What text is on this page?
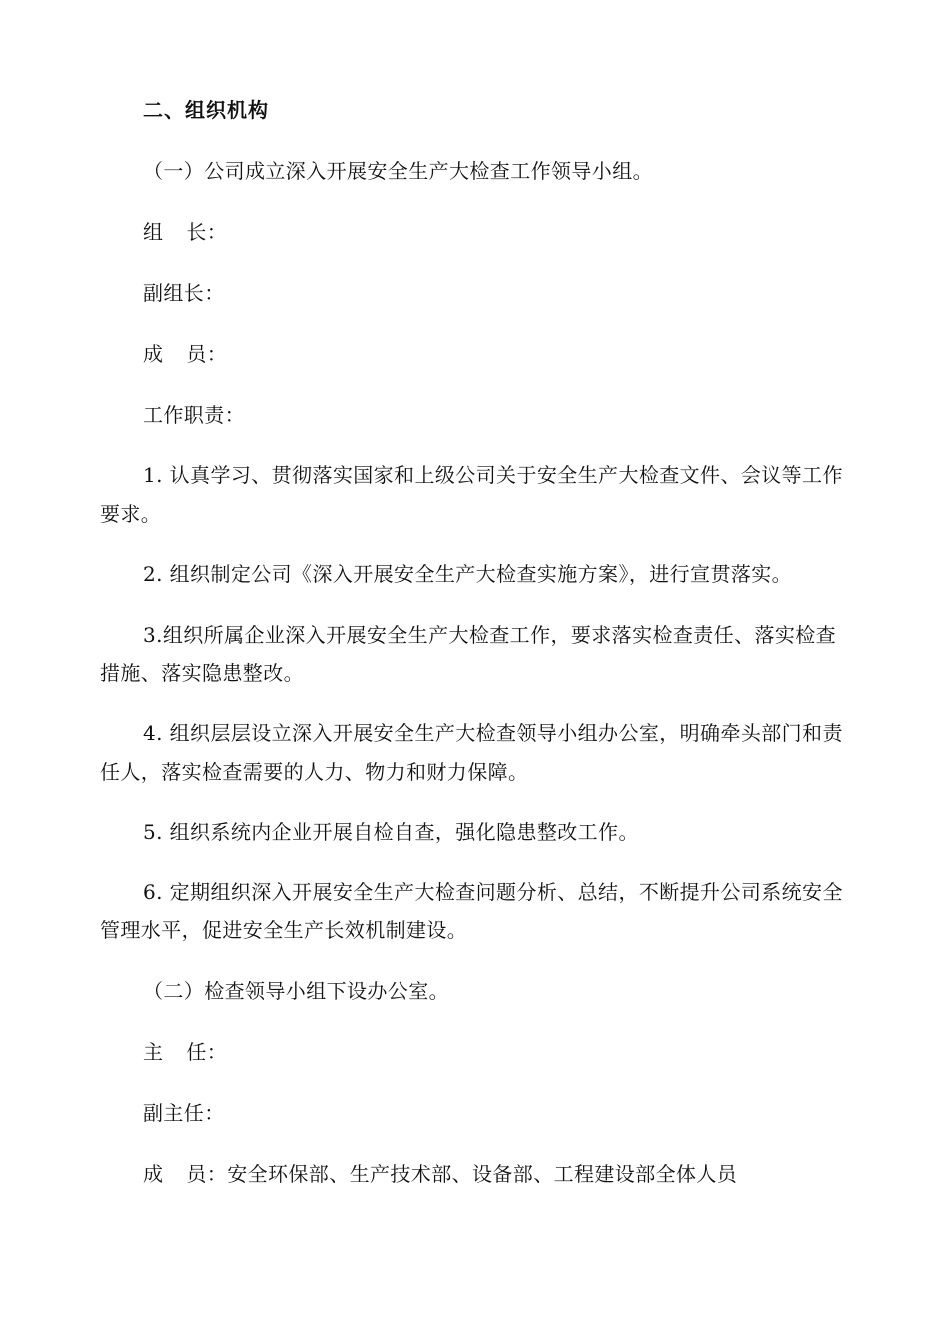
二、组织机构
（一）公司成立深入开展安全生产大检查工作领导小组。
组 长：
副组长：
成 员：
工作职责：
1. 认真学习、贯彻落实国家和上级公司关于安全生产大检查文件、会议等工作
要求。
2. 组织制定公司《深入开展安全生产大检查实施方案》，进行宣贯落实。
3.组织所属企业深入开展安全生产大检查工作，要求落实检查责任、落实检查
措施、落实隐患整改。
4. 组织层层设立深入开展安全生产大检查领导小组办公室，明确牵头部门和责
任人，落实检查需要的人力、物力和财力保障。
5. 组织系统内企业开展自检自查，强化隐患整改工作。
6. 定期组织深入开展安全生产大检查问题分析、总结，不断提升公司系统安全
管理水平，促进安全生产长效机制建设。
（二）检查领导小组下设办公室。
主 任：
副主任：
成 员：安全环保部、生产技术部、设备部、工程建设部全体人员
